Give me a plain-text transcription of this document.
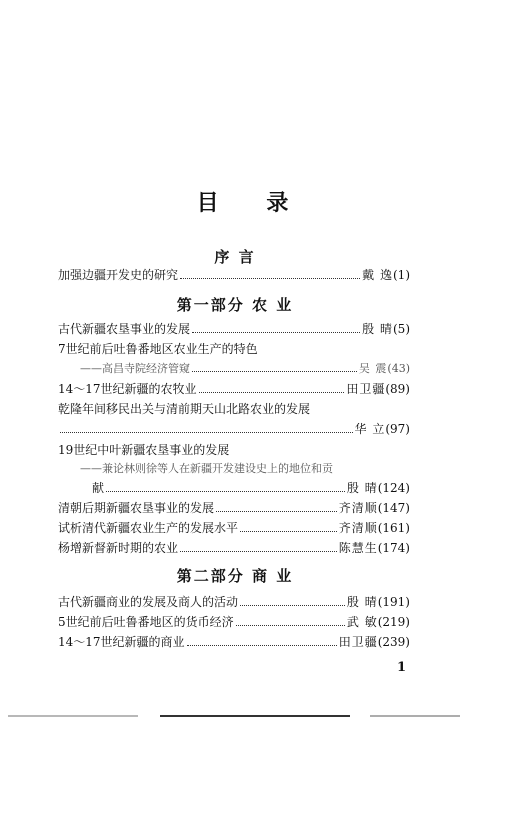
目 录
序 言
加强边疆开发史的研究	戴 逸 (1)
第一部分 农 业
古代新疆农垦事业的发展	殷 晴 (5)
7世纪前后吐鲁番地区农业生产的特色
——高昌寺院经济管窥	吴 震 (43)
14～17世纪新疆的农牧业	田卫疆 (89)
乾隆年间移民出关与清前期天山北路农业的发展
华 立 (97)
19世纪中叶新疆农垦事业的发展
——兼论林则徐等人在新疆开发建设史上的地位和贡
献	殷 晴 (124)
清朝后期新疆农垦事业的发展	齐清顺 (147)
试析清代新疆农业生产的发展水平	齐清顺 (161)
杨增新督新时期的农业	陈慧生 (174)
第二部分 商 业
古代新疆商业的发展及商人的活动	殷 晴 (191)
5世纪前后吐鲁番地区的货币经济	武 敏 (219)
14～17世纪新疆的商业	田卫疆 (239)
1
